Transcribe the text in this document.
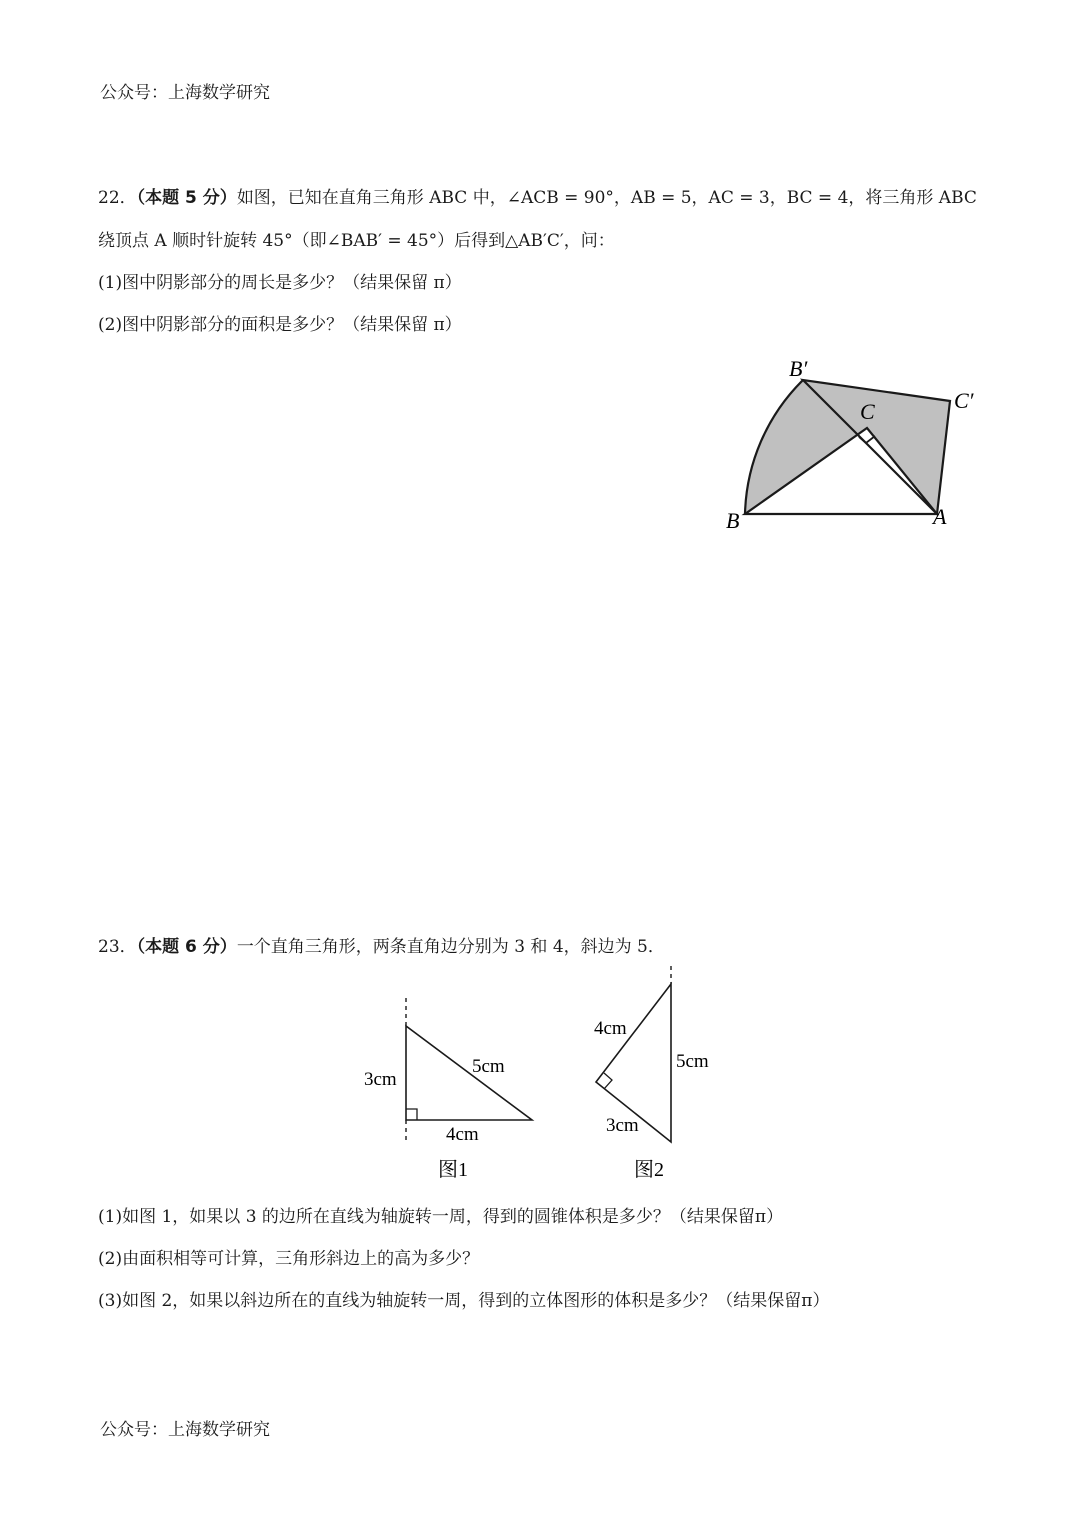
公众号：上海数学研究
22．（本题 5 分）如图，已知在直角三角形 ABC 中，∠ACB = 90°，AB = 5，AC = 3，BC = 4，将三角形 ABC
绕顶点 A 顺时针旋转 45°（即∠BAB′ = 45°）后得到△AB′C′，问：
(1)图中阴影部分的周长是多少？（结果保留 π）
(2)图中阴影部分的面积是多少？（结果保留 π）
B	A
C
B′
C′
3cm
5cm
4cm
图1
4cm
5cm
3cm
图2
23．（本题 6 分）一个直角三角形，两条直角边分别为 3 和 4，斜边为 5．
(1)如图 1，如果以 3 的边所在直线为轴旋转一周，得到的圆锥体积是多少？（结果保留π）
(2)由面积相等可计算，三角形斜边上的高为多少？
(3)如图 2，如果以斜边所在的直线为轴旋转一周，得到的立体图形的体积是多少？（结果保留π）
公众号：上海数学研究
